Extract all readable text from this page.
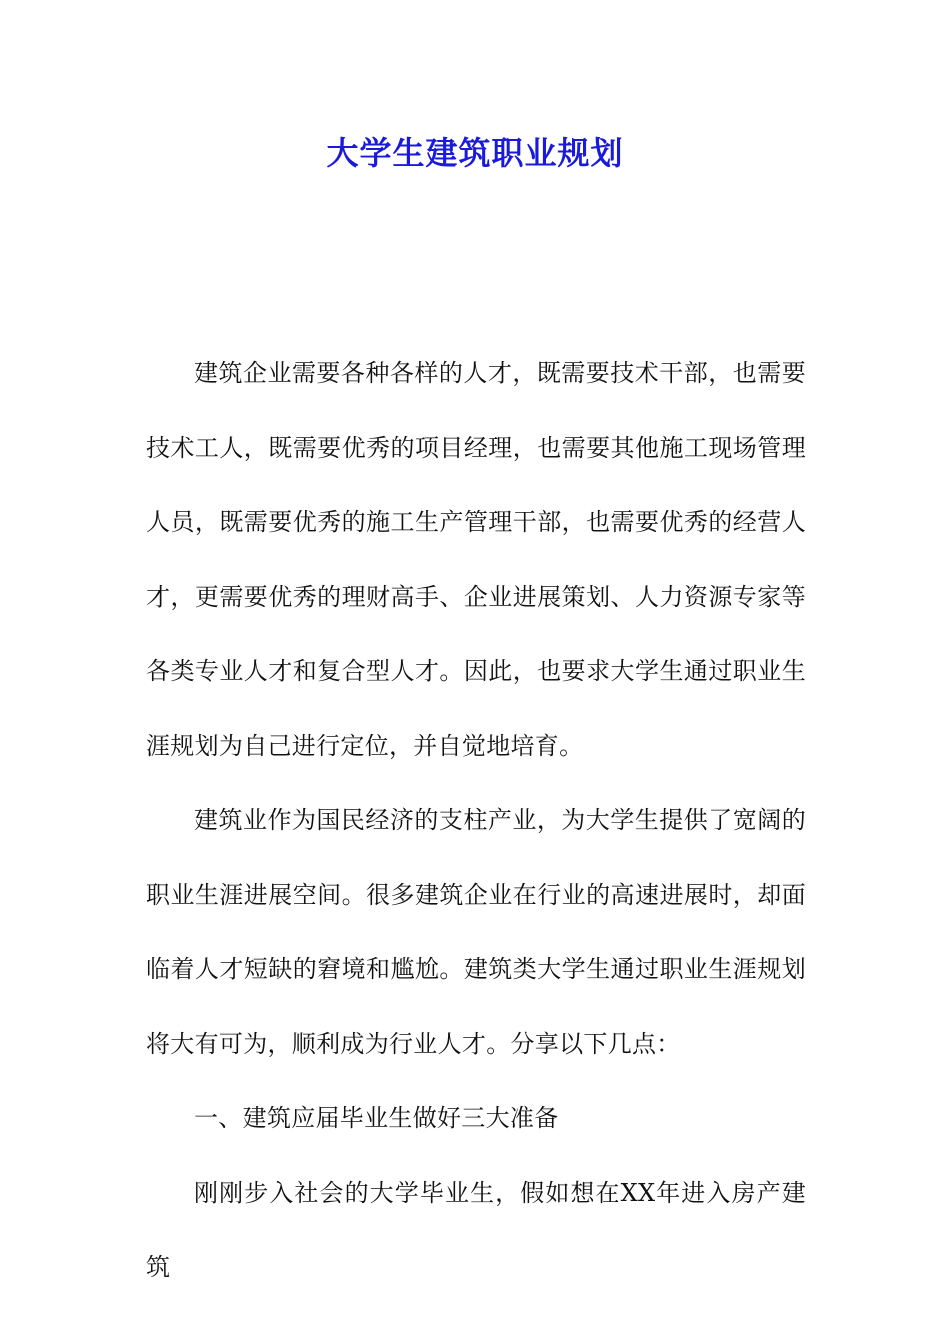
大学生建筑职业规划

建筑企业需要各种各样的人才，既需要技术干部，也需要技术工人，既需要优秀的项目经理，也需要其他施工现场管理人员，既需要优秀的施工生产管理干部，也需要优秀的经营人才，更需要优秀的理财高手、企业进展策划、人力资源专家等各类专业人才和复合型人才。因此，也要求大学生通过职业生涯规划为自己进行定位，并自觉地培育。

建筑业作为国民经济的支柱产业，为大学生提供了宽阔的职业生涯进展空间。很多建筑企业在行业的高速进展时，却面临着人才短缺的窘境和尴尬。建筑类大学生通过职业生涯规划将大有可为，顺利成为行业人才。分享以下几点：

一、建筑应届毕业生做好三大准备

刚刚步入社会的大学毕业生，假如想在XX年进入房产建筑
